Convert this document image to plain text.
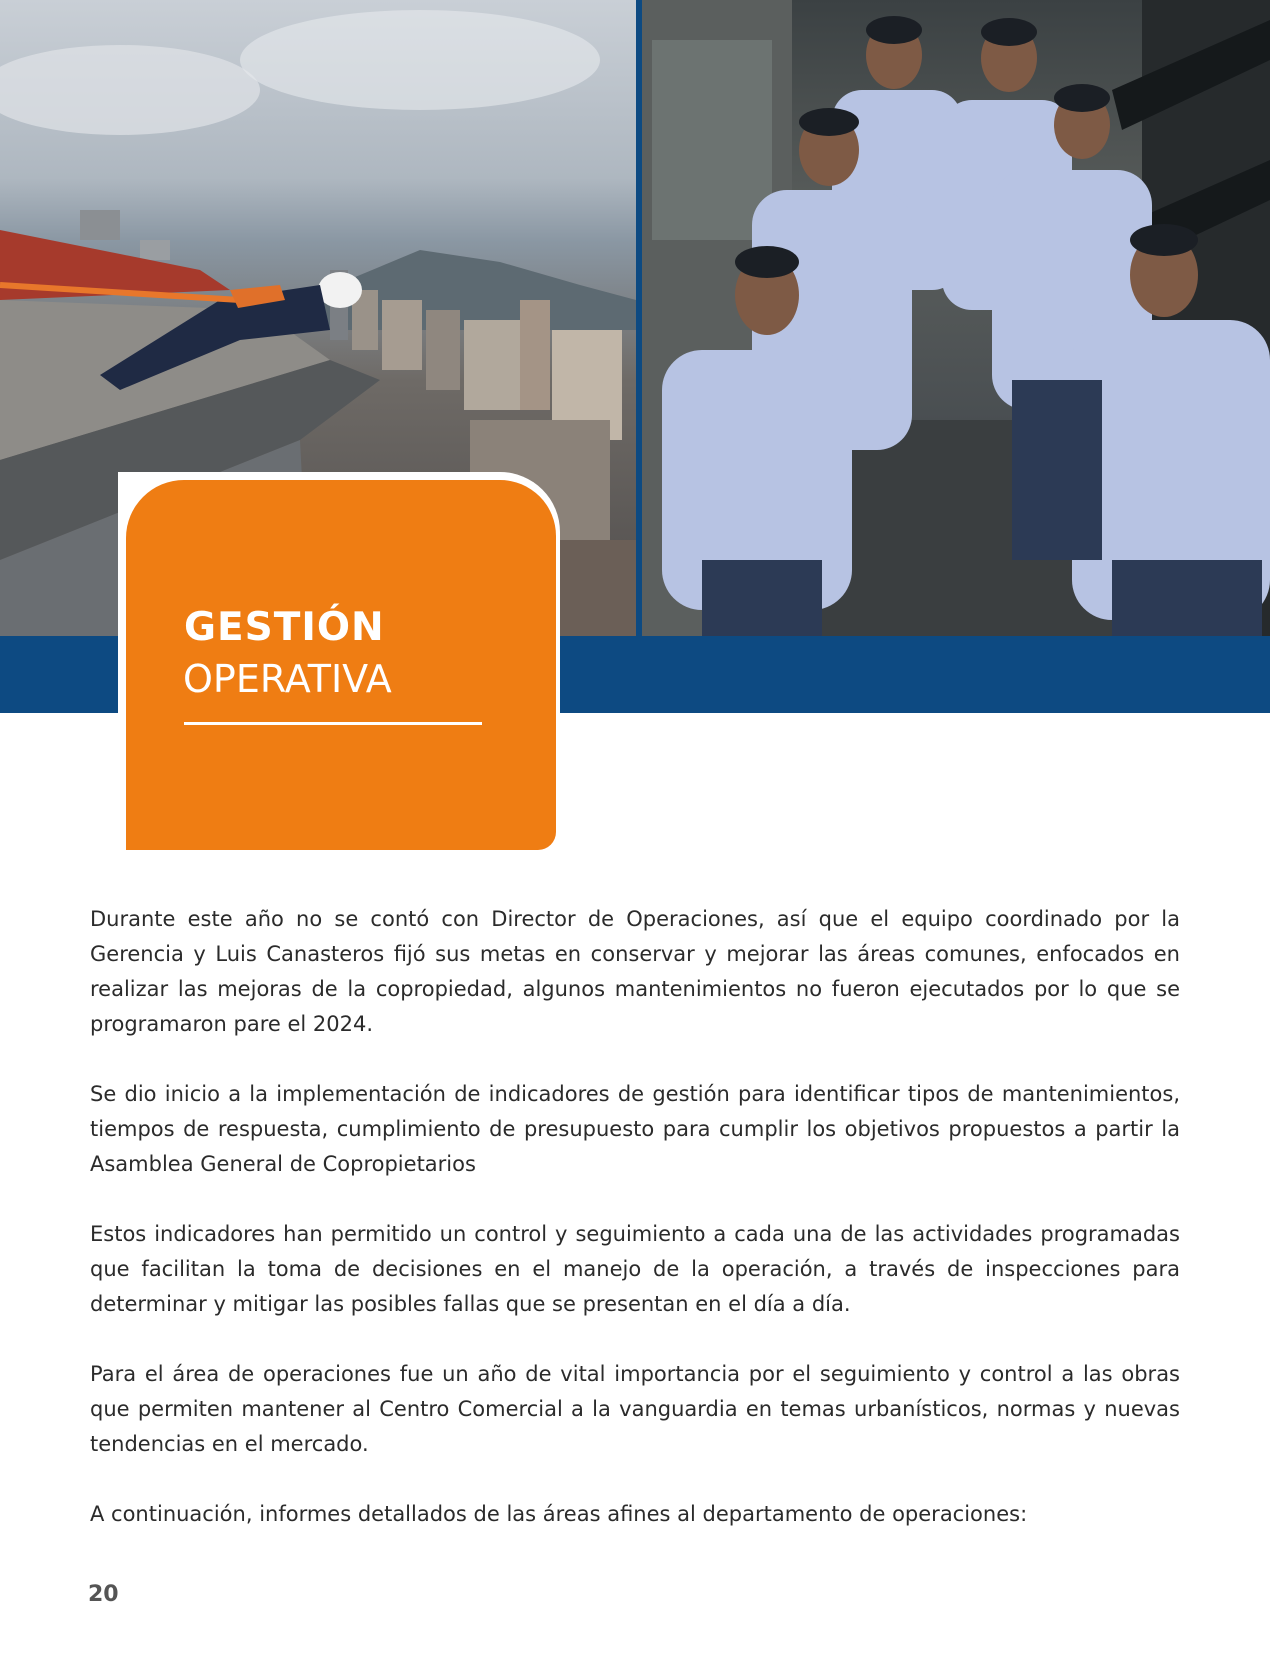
GESTIÓN
OPERATIVA

Durante este año no se contó con Director de Operaciones, así que el equipo coordinado por la Gerencia y Luis Canasteros fijó sus metas en conservar y mejorar las áreas comunes, enfocados en realizar las mejoras de la copropiedad, algunos mantenimientos no fueron ejecutados por lo que se programaron pare el 2024.

Se dio inicio a la implementación de indicadores de gestión para identificar tipos de mantenimientos, tiempos de respuesta, cumplimiento de presupuesto para cumplir los objetivos propuestos a partir la Asamblea General de Copropietarios

Estos indicadores han permitido un control y seguimiento a cada una de las actividades programadas que facilitan la toma de decisiones en el manejo de la operación, a través de inspecciones para determinar y mitigar las posibles fallas que se presentan en el día a día.

Para el área de operaciones fue un año de vital importancia por el seguimiento y control a las obras que permiten mantener al Centro Comercial a la vanguardia en temas urbanísticos, normas y nuevas tendencias en el mercado.

A continuación, informes detallados de las áreas afines al departamento de operaciones:

20
